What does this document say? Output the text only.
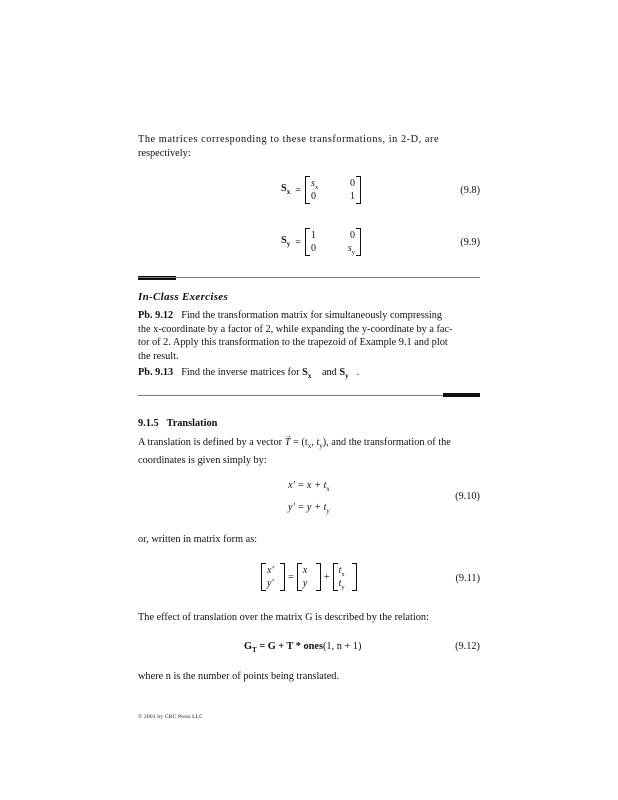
The matrices corresponding to these transformations, in 2-D, are
respectively:
$S_x$ =
$s_x$	0
0	1
(9.8)
$S_y$ =
1	0
0	$s_y$
(9.9)
In-Class Exercises
Pb. 9.12 Find the transformation matrix for simultaneously compressing
the x-coordinate by a factor of 2, while expanding the y-coordinate by a fac-
tor of 2. Apply this transformation to the trapezoid of Example 9.1 and plot
the result.
Pb. 9.13 Find the inverse matrices for $S_x$ and $S_y$ .
9.1.5 Translation
A translation is defined by a vector → $T = (t_x$, $t_y$), and the transformation of the
coordinates is given simply by:
$x' = x + t_x$
$y' = y + t_y$
(9.10)
or, written in matrix form as:
x′
y′
=
x
y
+
$t_x$
$t_y$
(9.11)
The effect of translation over the matrix G is described by the relation:
$G_T = G + T$ * ones(1, n + 1)	(9.12)
where n is the number of points being translated.
© 2001 by CRC Press LLC
